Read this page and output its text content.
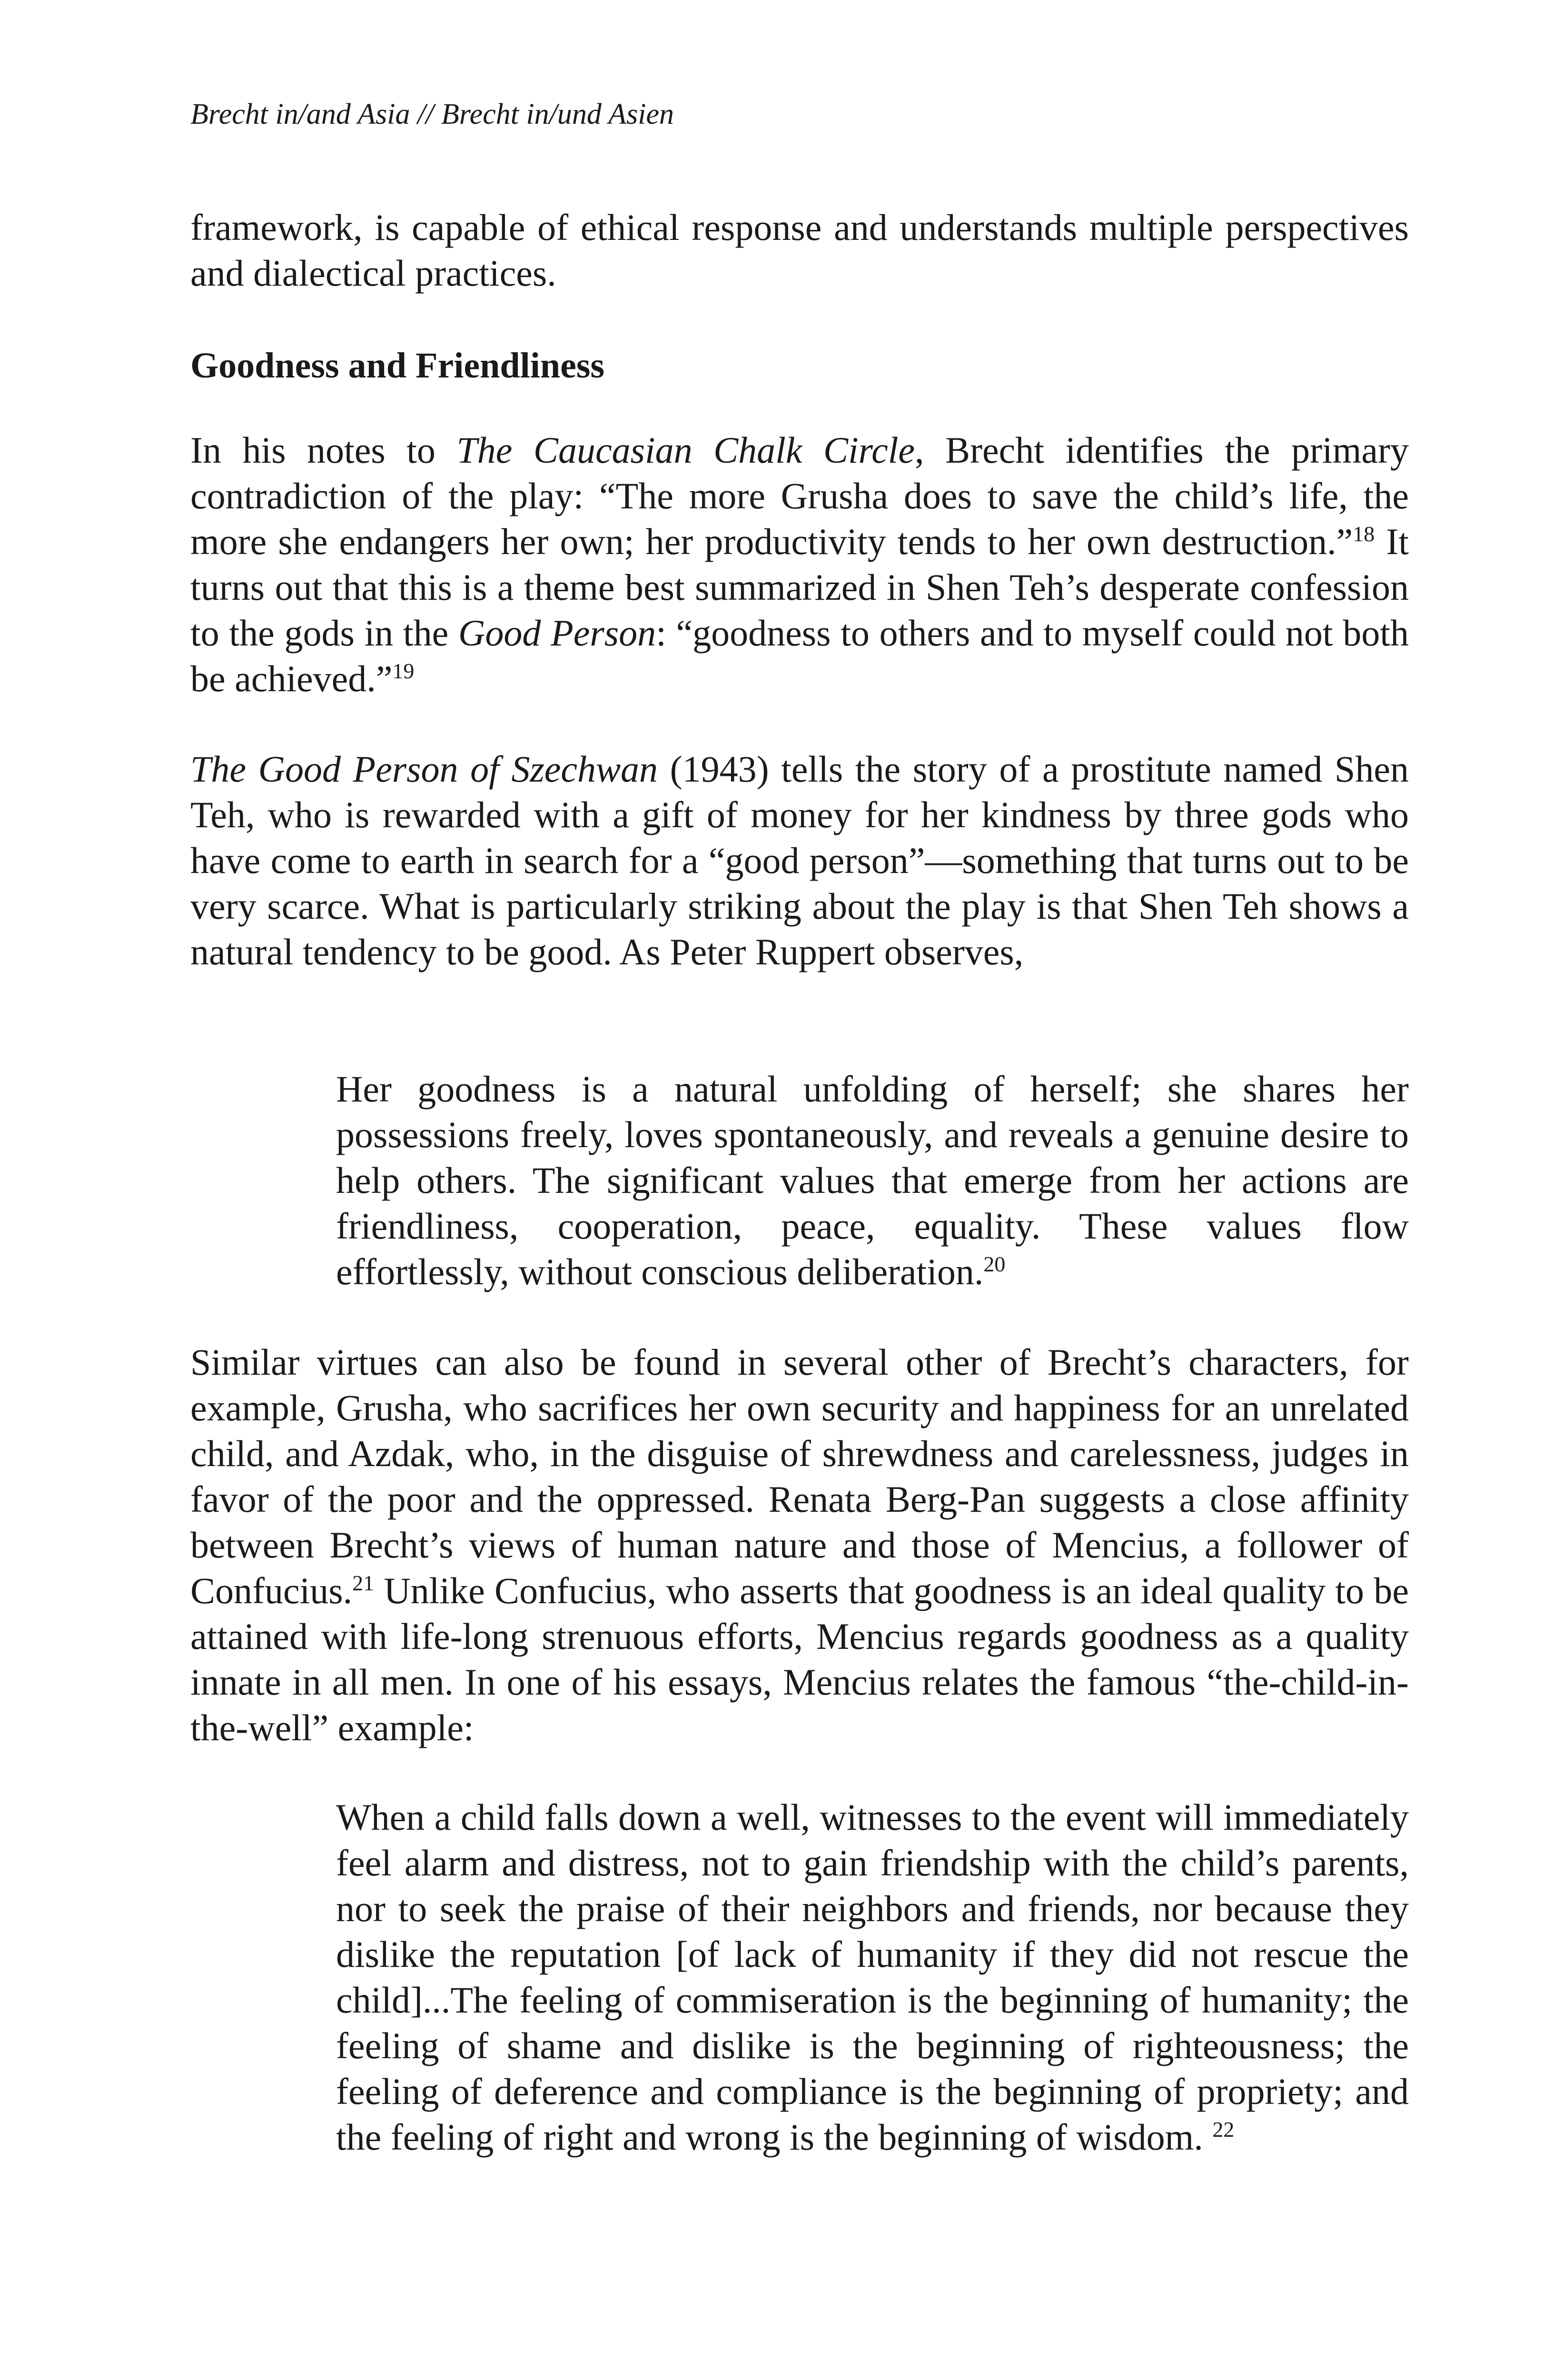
Brecht in/and Asia // Brecht in/und Asien

framework, is capable of ethical response and understands multiple perspectives and dialectical practices.

Goodness and Friendliness

In his notes to The Caucasian Chalk Circle, Brecht identifies the primary contradiction of the play: “The more Grusha does to save the child’s life, the more she endangers her own; her productivity tends to her own destruction.”$^{18}$ It turns out that this is a theme best summarized in Shen Teh’s desperate confession to the gods in the Good Person: “goodness to others and to myself could not both be achieved.”$^{19}$

The Good Person of Szechwan (1943) tells the story of a prostitute named Shen Teh, who is rewarded with a gift of money for her kindness by three gods who have come to earth in search for a “good person”—something that turns out to be very scarce. What is particularly striking about the play is that Shen Teh shows a natural tendency to be good. As Peter Ruppert observes,

Her goodness is a natural unfolding of herself; she shares her possessions freely, loves spontaneously, and reveals a genuine desire to help others. The significant values that emerge from her actions are friendliness, cooperation, peace, equality. These values flow effortlessly, without conscious deliberation.$^{20}$

Similar virtues can also be found in several other of Brecht’s characters, for example, Grusha, who sacrifices her own security and happiness for an unrelated child, and Azdak, who, in the disguise of shrewdness and carelessness, judges in favor of the poor and the oppressed. Renata Berg-Pan suggests a close affinity between Brecht’s views of human nature and those of Mencius, a follower of Confucius.$^{21}$ Unlike Confucius, who asserts that goodness is an ideal quality to be attained with life-long strenuous efforts, Mencius regards goodness as a quality innate in all men. In one of his essays, Mencius relates the famous “the-child-in-the-well” example:

When a child falls down a well, witnesses to the event will immediately feel alarm and distress, not to gain friendship with the child’s parents, nor to seek the praise of their neighbors and friends, nor because they dislike the reputation [of lack of humanity if they did not rescue the child]...The feeling of commiseration is the beginning of humanity; the feeling of shame and dislike is the beginning of righteousness; the feeling of deference and compliance is the beginning of propriety; and the feeling of right and wrong is the beginning of wisdom. $^{22}$
